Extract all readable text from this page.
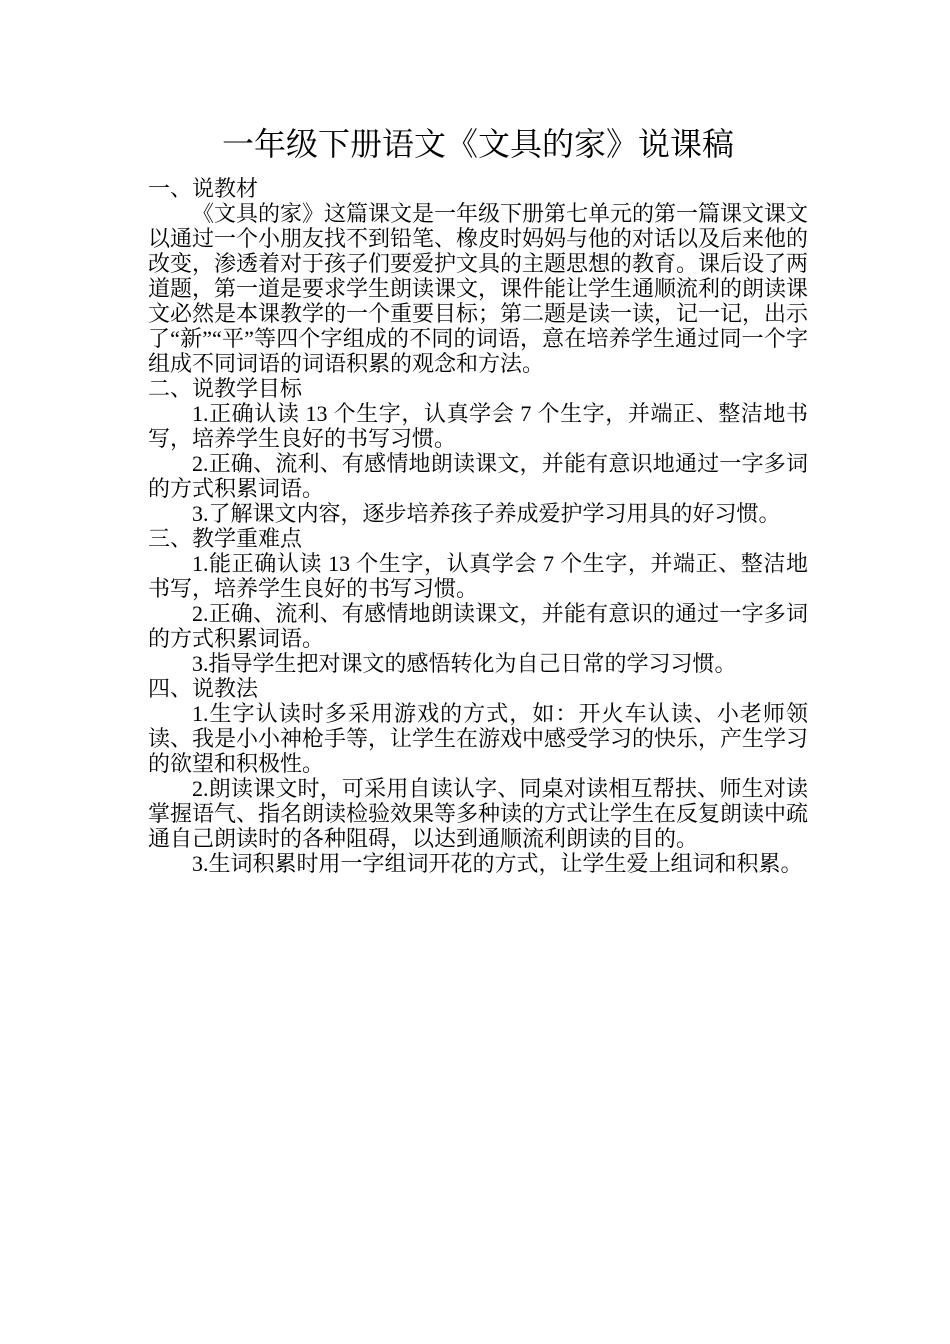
一年级下册语文《文具的家》说课稿

一、说教材

《文具的家》这篇课文是一年级下册第七单元的第一篇课文课文以通过一个小朋友找不到铅笔、橡皮时妈妈与他的对话以及后来他的改变，渗透着对于孩子们要爱护文具的主题思想的教育。课后设了两道题，第一道是要求学生朗读课文，课件能让学生通顺流利的朗读课文必然是本课教学的一个重要目标；第二题是读一读，记一记，出示了“新”“平”等四个字组成的不同的词语，意在培养学生通过同一个字组成不同词语的词语积累的观念和方法。

二、说教学目标

1.正确认读 13 个生字，认真学会 7 个生字，并端正、整洁地书写，培养学生良好的书写习惯。

2.正确、流利、有感情地朗读课文，并能有意识地通过一字多词的方式积累词语。

3.了解课文内容，逐步培养孩子养成爱护学习用具的好习惯。

三、教学重难点

1.能正确认读 13 个生字，认真学会 7 个生字，并端正、整洁地书写，培养学生良好的书写习惯。

2.正确、流利、有感情地朗读课文，并能有意识的通过一字多词的方式积累词语。

3.指导学生把对课文的感悟转化为自己日常的学习习惯。

四、说教法

1.生字认读时多采用游戏的方式，如：开火车认读、小老师领读、我是小小神枪手等，让学生在游戏中感受学习的快乐，产生学习的欲望和积极性。

2.朗读课文时，可采用自读认字、同桌对读相互帮扶、师生对读掌握语气、指名朗读检验效果等多种读的方式让学生在反复朗读中疏通自己朗读时的各种阻碍，以达到通顺流利朗读的目的。

3.生词积累时用一字组词开花的方式，让学生爱上组词和积累。
